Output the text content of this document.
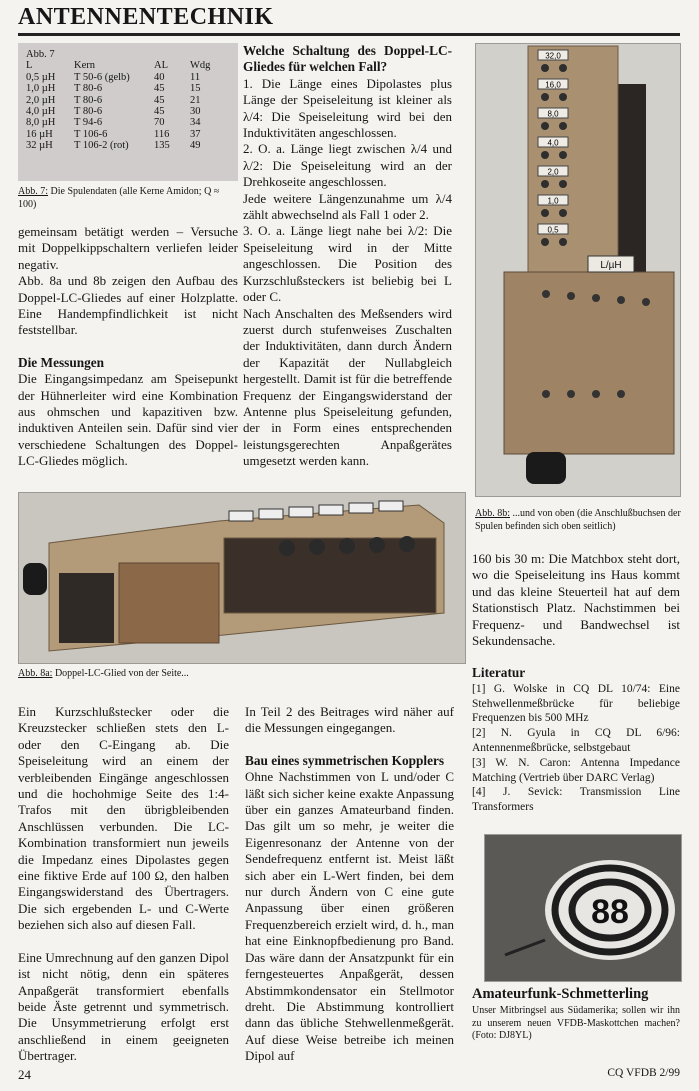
ANTENNENTECHNIK
Abb. 7			
L	Kern	AL	Wdg
0,5 µH	T 50-6 (gelb)	40	11
1,0 µH	T 80-6	45	15
2,0 µH	T 80-6	45	21
4,0 µH	T 80-6	45	30
8,0 µH	T 94-6	70	34
16 µH	T 106-6	116	37
32 µH	T 106-2 (rot)	135	49
Abb. 7: Die Spulendaten (alle Kerne Amidon; Q ≈ 100)

gemeinsam betätigt werden – Versuche mit Doppelkippschaltern verliefen leider negativ.

Abb. 8a und 8b zeigen den Aufbau des Doppel-LC-Gliedes auf einer Holzplatte. Eine Handempfindlichkeit ist nicht feststellbar.

Die Messungen

Die Eingangsimpedanz am Speisepunkt der Hühnerleiter wird eine Kombination aus ohmschen und kapazitiven bzw. induktiven Anteilen sein. Dafür sind vier verschiedene Schaltungen des Doppel-LC-Gliedes möglich.

Welche Schaltung des Doppel-LC-Gliedes für welchen Fall?

1. Die Länge eines Dipolastes plus Länge der Speiseleitung ist kleiner als λ/4: Die Speiseleitung wird bei den Induktivitäten angeschlossen.

2. O. a. Länge liegt zwischen λ/4 und λ/2: Die Speiseleitung wird an der Drehkoseite angeschlossen.

Jede weitere Längenzunahme um λ/4 zählt abwechselnd als Fall 1 oder 2.

3. O. a. Länge liegt nahe bei λ/2: Die Speiseleitung wird in der Mitte angeschlossen. Die Position des Kurzschlußsteckers ist beliebig bei L oder C.

Nach Anschalten des Meßsenders wird zuerst durch stufenweises Zuschalten der Induktivitäten, dann durch Ändern der Kapazität der Nullabgleich hergestellt. Damit ist für die betreffende Frequenz der Eingangswiderstand der Antenne plus Speiseleitung gefunden, der in Form eines entsprechenden leistungsgerechten Anpaßgerätes umgesetzt werden kann.

L/µH
32,0
16,0
8,0
4,0
2,0
1,0
0,5
Abb. 8b: ...und von oben (die Anschlußbuchsen der Spulen befinden sich oben seitlich)
Abb. 8a: Doppel-LC-Glied von der Seite...

160 bis 30 m: Die Matchbox steht dort, wo die Speiseleitung ins Haus kommt und das kleine Steuerteil hat auf dem Stationstisch Platz. Nachstimmen bei Frequenz- und Bandwechsel ist Sekundensache.

Literatur

[1] G. Wolske in CQ DL 10/74: Eine Stehwellenmeßbrücke für beliebige Frequenzen bis 500 MHz

[2] N. Gyula in CQ DL 6/96: Antennenmeßbrücke, selbstgebaut

[3] W. N. Caron: Antenna Impedance Matching (Vertrieb über DARC Verlag)

[4] J. Sevick: Transmission Line Transformers

88
Amateurfunk-Schmetterling
Unser Mitbringsel aus Südamerika; sollen wir ihn zu unserem neuen VFDB-Maskottchen machen? (Foto: DJ8YL)

Ein Kurzschlußstecker oder die Kreuzstecker schließen stets den L- oder den C-Eingang ab. Die Speiseleitung wird an einem der verbleibenden Eingänge angeschlossen und die hochohmige Seite des 1:4-Trafos mit den übrigbleibenden Anschlüssen verbunden. Die LC-Kombination transformiert nun jeweils die Impedanz eines Dipolastes gegen eine fiktive Erde auf 100 Ω, den halben Eingangswiderstand des Übertragers. Die sich ergebenden L- und C-Werte beziehen sich also auf diesen Fall.

Eine Umrechnung auf den ganzen Dipol ist nicht nötig, denn ein späteres Anpaßgerät transformiert ebenfalls beide Äste getrennt und symmetrisch. Die Unsymmetrierung erfolgt erst anschließend in einem geeigneten Übertrager.

In Teil 2 des Beitrages wird näher auf die Messungen eingegangen.

Bau eines symmetrischen Kopplers

Ohne Nachstimmen von L und/oder C läßt sich sicher keine exakte Anpassung über ein ganzes Amateurband finden. Das gilt um so mehr, je weiter die Eigenresonanz der Antenne von der Sendefrequenz entfernt ist. Meist läßt sich aber ein L-Wert finden, bei dem nur durch Ändern von C eine gute Anpassung über einen größeren Frequenzbereich erzielt wird, d. h., man hat eine Einknopfbedienung pro Band. Das wäre dann der Ansatzpunkt für ein ferngesteuertes Anpaßgerät, dessen Abstimmkondensator ein Stellmotor dreht. Die Abstimmung kontrolliert dann das übliche Stehwellenmeßgerät. Auf diese Weise betreibe ich meinen Dipol auf

24	CQ VFDB 2/99
